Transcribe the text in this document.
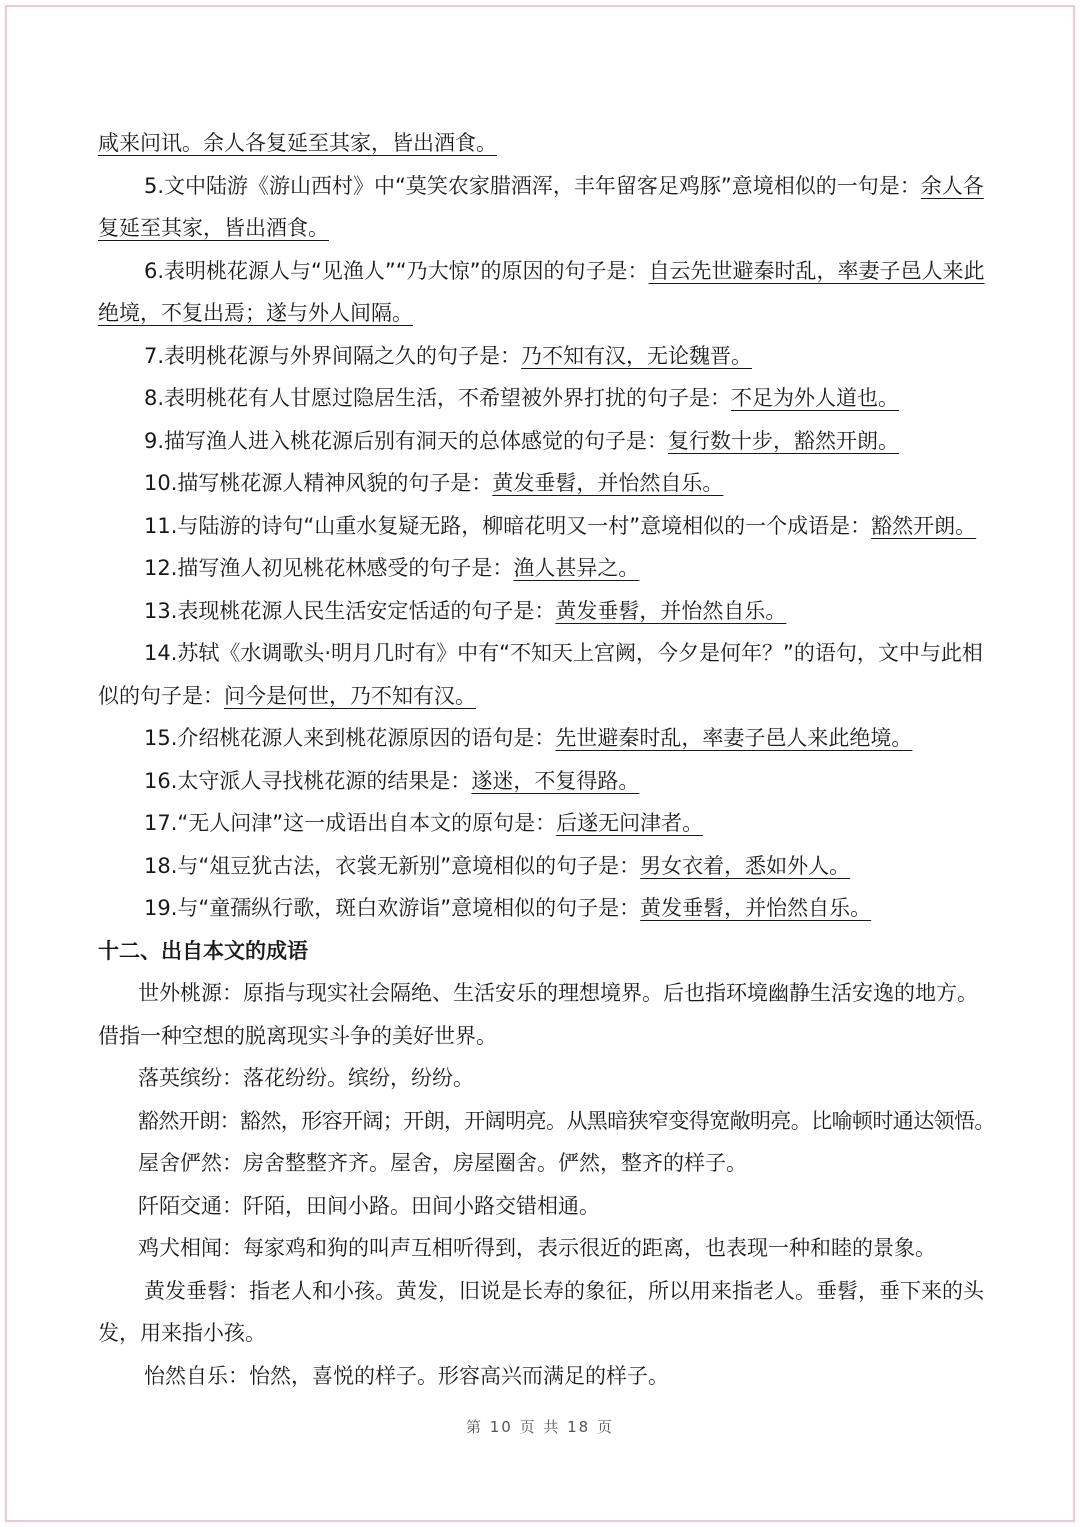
咸来问讯。余人各复延至其家，皆出酒食。

5.文中陆游《游山西村》中“莫笑农家腊酒浑，丰年留客足鸡豚”意境相似的一句是：余人各

复延至其家，皆出酒食。

6.表明桃花源人与“见渔人”“乃大惊”的原因的句子是：自云先世避秦时乱，率妻子邑人来此

绝境，不复出焉；遂与外人间隔。

7.表明桃花源与外界间隔之久的句子是：乃不知有汉，无论魏晋。

8.表明桃花有人甘愿过隐居生活，不希望被外界打扰的句子是：不足为外人道也。

9.描写渔人进入桃花源后别有洞天的总体感觉的句子是：复行数十步，豁然开朗。

10.描写桃花源人精神风貌的句子是：黄发垂髫，并怡然自乐。

11.与陆游的诗句“山重水复疑无路，柳暗花明又一村”意境相似的一个成语是：豁然开朗。

12.描写渔人初见桃花林感受的句子是：渔人甚异之。

13.表现桃花源人民生活安定恬适的句子是：黄发垂髫，并怡然自乐。

14.苏轼《水调歌头·明月几时有》中有“不知天上宫阙，今夕是何年？”的语句，文中与此相

似的句子是：问今是何世，乃不知有汉。

15.介绍桃花源人来到桃花源原因的语句是：先世避秦时乱，率妻子邑人来此绝境。

16.太守派人寻找桃花源的结果是：遂迷，不复得路。

17.“无人问津”这一成语出自本文的原句是：后遂无问津者。

18.与“俎豆犹古法，衣裳无新别”意境相似的句子是：男女衣着，悉如外人。

19.与“童孺纵行歌，斑白欢游诣”意境相似的句子是：黄发垂髫，并怡然自乐。

十二、出自本文的成语

世外桃源：原指与现实社会隔绝、生活安乐的理想境界。后也指环境幽静生活安逸的地方。借指一种空想的脱离现实斗争的美好世界。

落英缤纷：落花纷纷。缤纷，纷纷。

豁然开朗：豁然，形容开阔；开朗，开阔明亮。从黑暗狭窄变得宽敞明亮。比喻顿时通达领悟。

屋舍俨然：房舍整整齐齐。屋舍，房屋圈舍。俨然，整齐的样子。

阡陌交通：阡陌，田间小路。田间小路交错相通。

鸡犬相闻：每家鸡和狗的叫声互相听得到，表示很近的距离，也表现一种和睦的景象。

黄发垂髫：指老人和小孩。黄发，旧说是长寿的象征，所以用来指老人。垂髫，垂下来的头发，用来指小孩。

怡然自乐：怡然，喜悦的样子。形容高兴而满足的样子。

第 10 页 共 18 页
